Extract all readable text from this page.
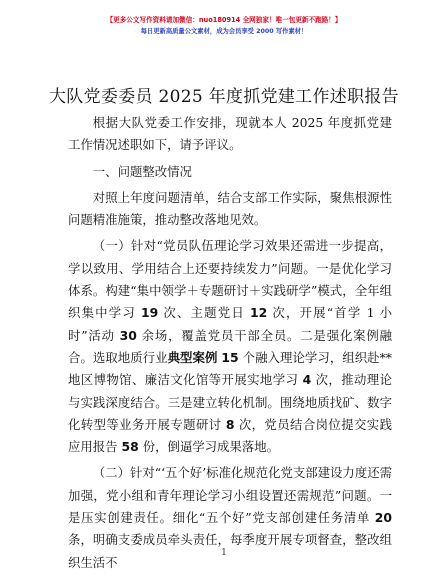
【更多公文写作资料请加微信：nuo180914 全网独家！唯一包更新不跑路！】
每日更新高质量公文素材，成为会员享受 2000 写作素材！
大队党委委员 2025 年度抓党建工作述职报告

根据大队党委工作安排，现就本人 2025 年度抓党建工作情况述职如下，请予评议。

一、问题整改情况

对照上年度问题清单，结合支部工作实际，聚焦根源性问题精准施策，推动整改落地见效。

（一）针对“党员队伍理论学习效果还需进一步提高，学以致用、学用结合上还要持续发力”问题。一是优化学习体系。构建“集中领学＋专题研讨＋实践研学”模式，全年组织集中学习 19 次、主题党日 12 次，开展“首学 1 小时”活动 30 余场，覆盖党员干部全员。二是强化案例融合。选取地质行业典型案例 15 个融入理论学习，组织赴**地区博物馆、廉洁文化馆等开展实地学习 4 次，推动理论与实践深度结合。三是建立转化机制。围绕地质找矿、数字化转型等业务开展专题研讨 8 次，党员结合岗位提交实践应用报告 58 份，倒逼学习成果落地。

（二）针对“‘五个好’标准化规范化党支部建设力度还需加强，党小组和青年理论学习小组设置还需规范”问题。一是压实创建责任。细化“五个好”党支部创建任务清单 20 条，明确支委成员牵头责任，每季度开展专项督查，整改组织生活不

1
